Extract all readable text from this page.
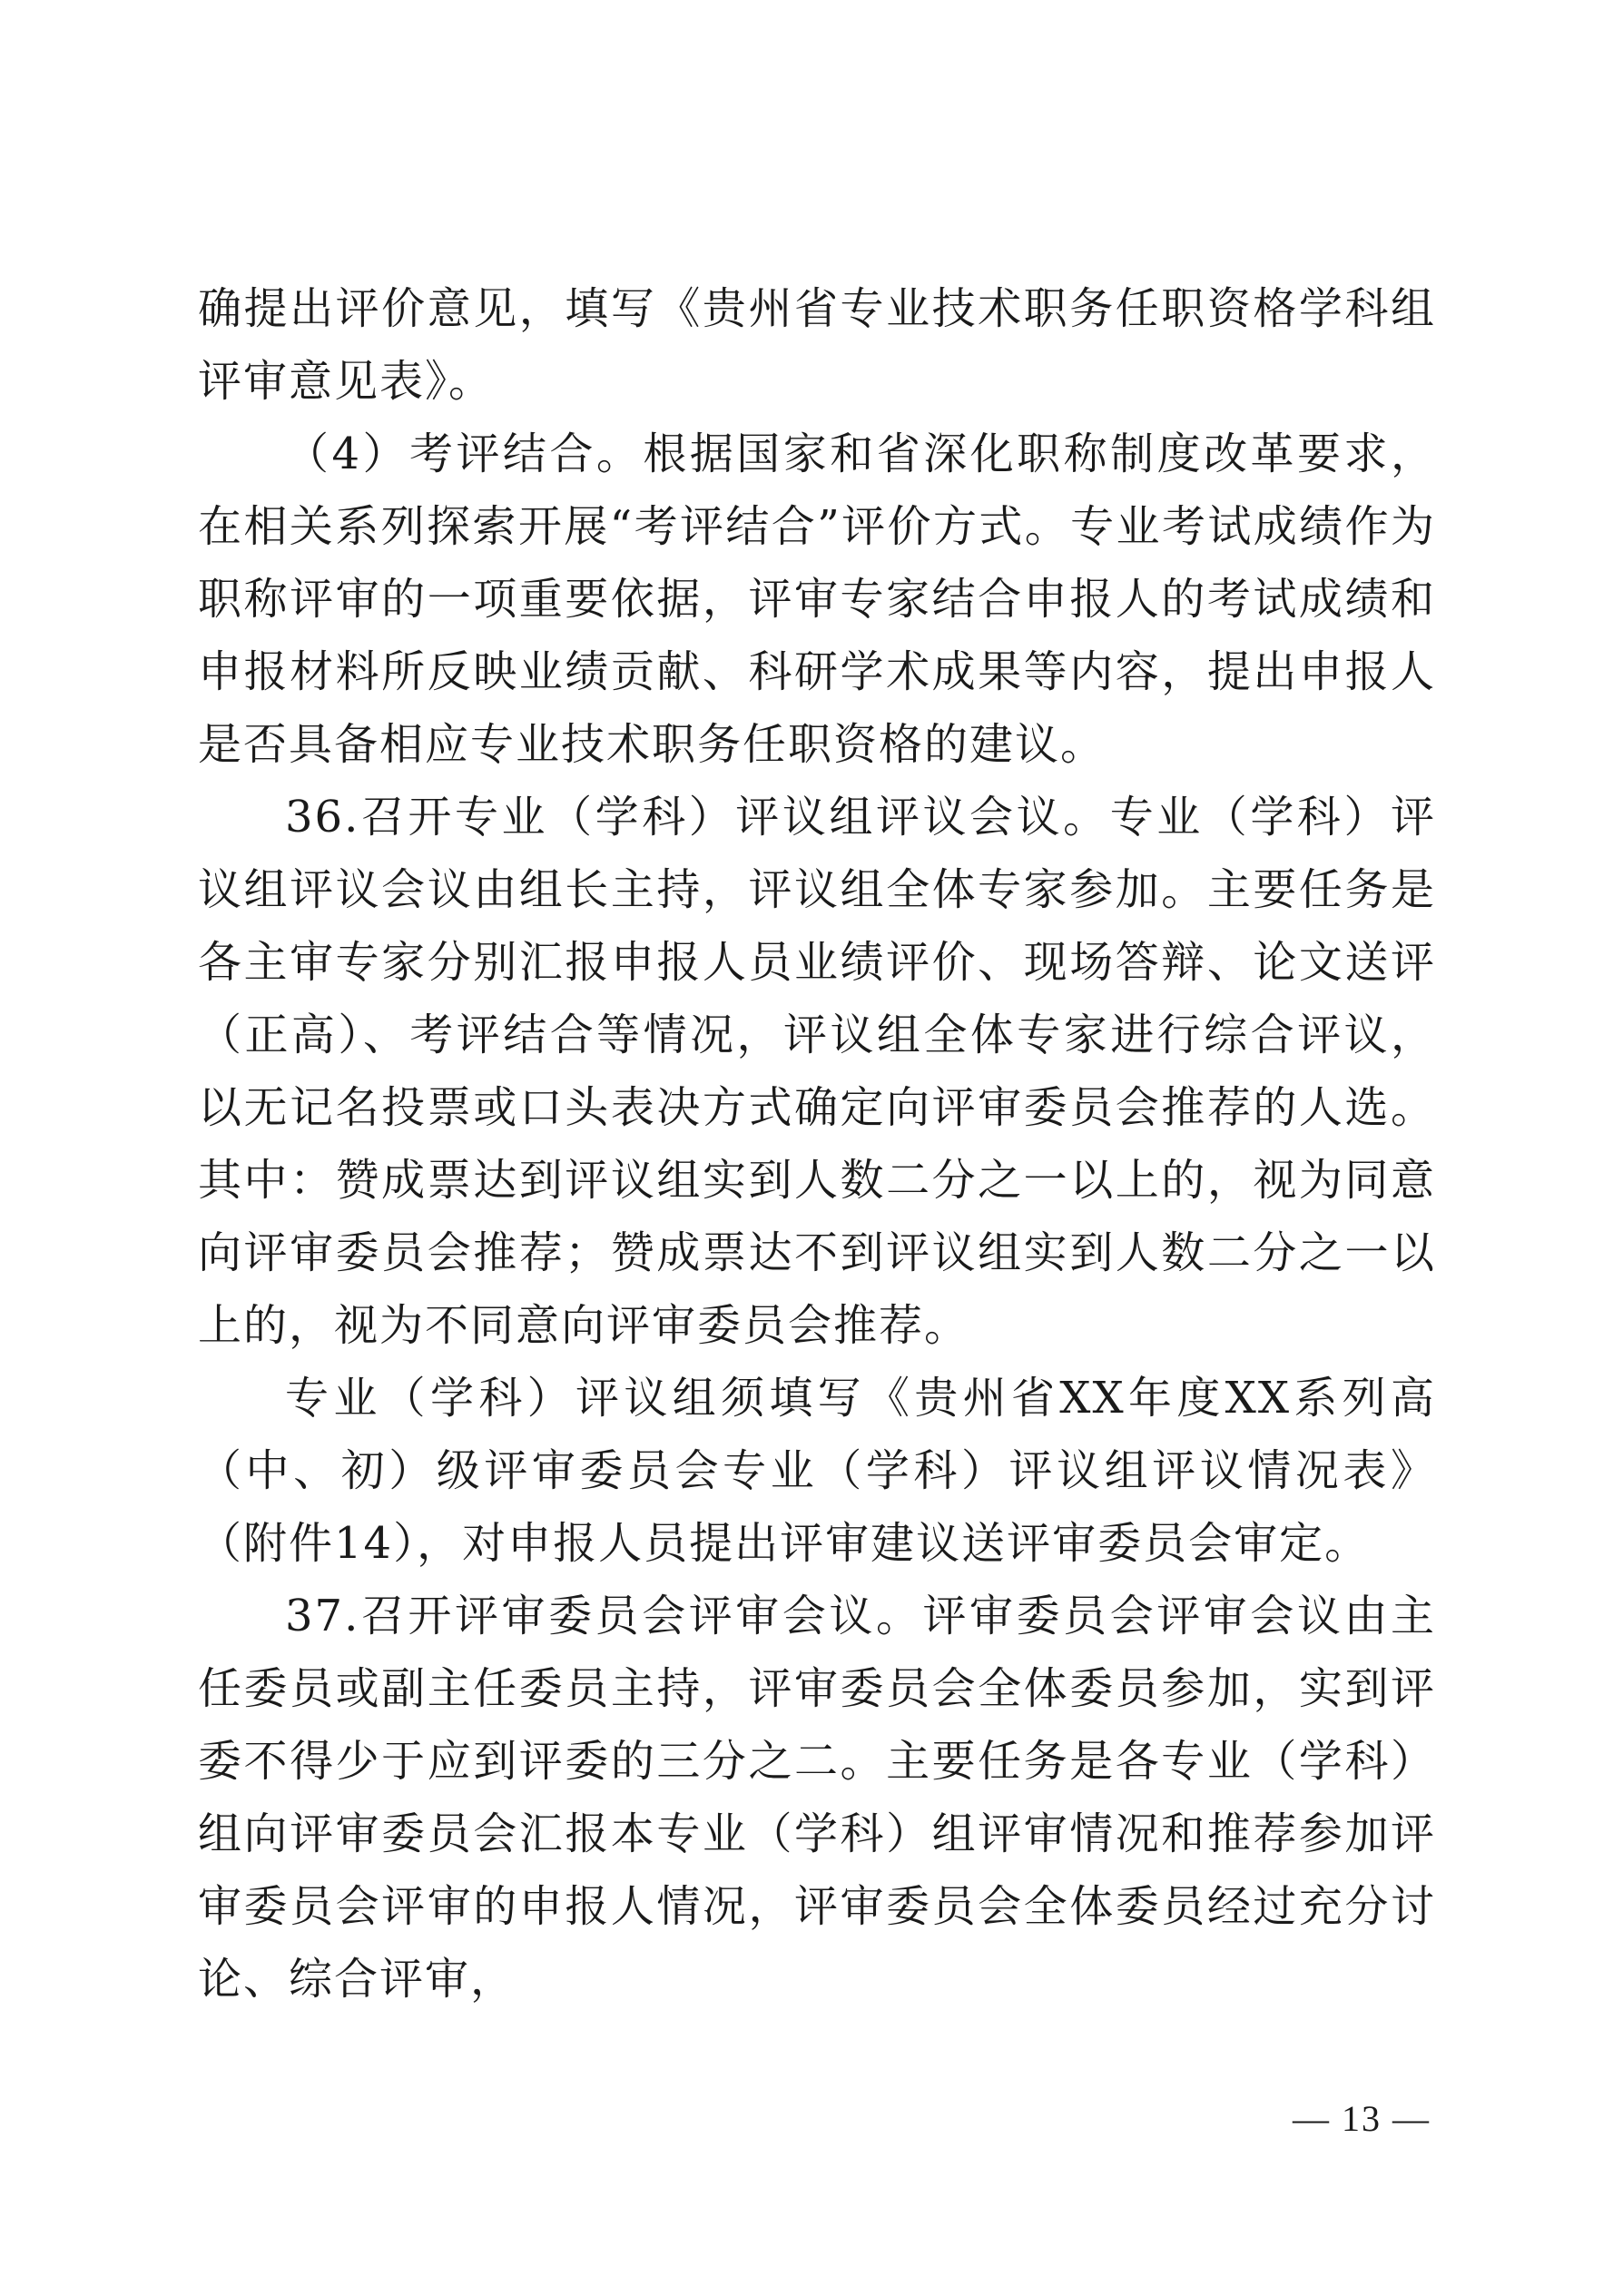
确提出评价意见，填写《贵州省专业技术职务任职资格学科组评审意见表》。

（4）考评结合。根据国家和省深化职称制度改革要求，在相关系列探索开展“考评结合”评价方式。专业考试成绩作为职称评审的一项重要依据，评审专家结合申报人的考试成绩和申报材料所反映业绩贡献、科研学术成果等内容，提出申报人是否具备相应专业技术职务任职资格的建议。

36.召开专业（学科）评议组评议会议。专业（学科）评议组评议会议由组长主持，评议组全体专家参加。主要任务是各主审专家分别汇报申报人员业绩评价、现场答辩、论文送评（正高）、考评结合等情况，评议组全体专家进行综合评议，以无记名投票或口头表决方式确定向评审委员会推荐的人选。其中：赞成票达到评议组实到人数二分之一以上的，视为同意向评审委员会推荐；赞成票达不到评议组实到人数二分之一以上的，视为不同意向评审委员会推荐。

专业（学科）评议组须填写《贵州省XX年度XX系列高（中、初）级评审委员会专业（学科）评议组评议情况表》（附件14），对申报人员提出评审建议送评审委员会审定。

37.召开评审委员会评审会议。评审委员会评审会议由主任委员或副主任委员主持，评审委员会全体委员参加，实到评委不得少于应到评委的三分之二。主要任务是各专业（学科）组向评审委员会汇报本专业（学科）组评审情况和推荐参加评审委员会评审的申报人情况，评审委员会全体委员经过充分讨论、综合评审，

— 13 —
